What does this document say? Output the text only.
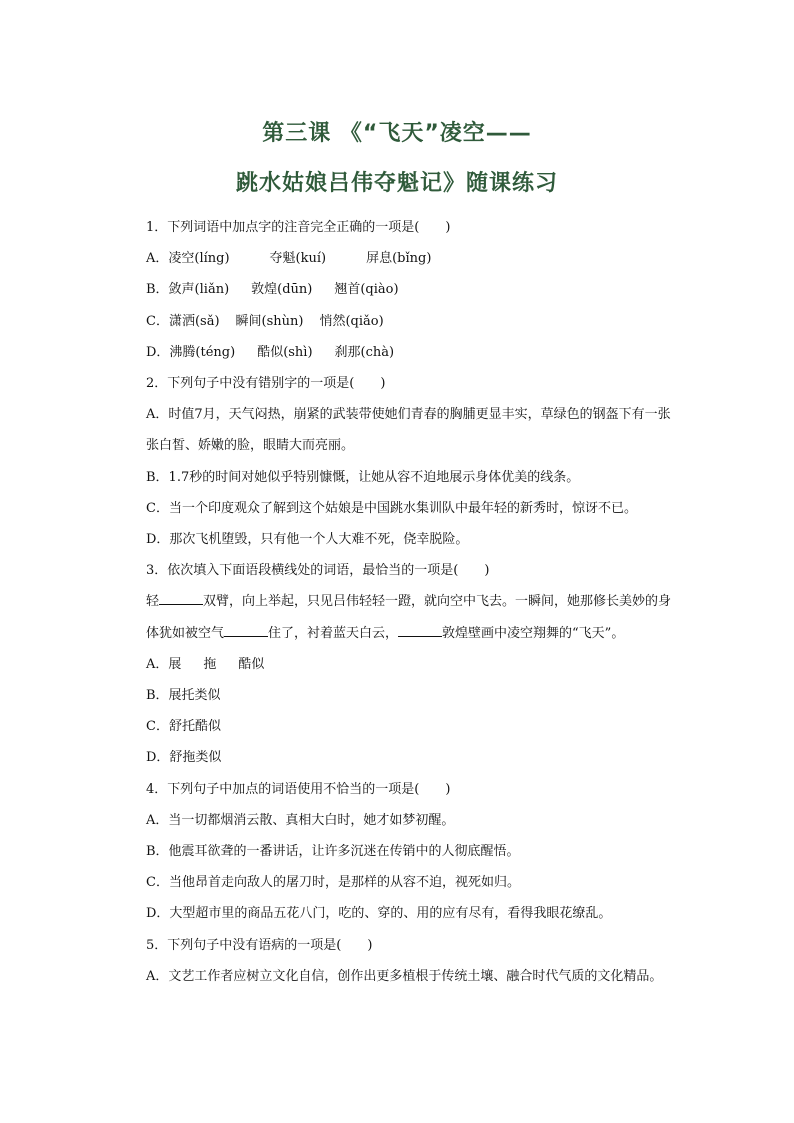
第三课 《“飞天”凌空——
跳水姑娘吕伟夺魁记》随课练习

1．下列词语中加点字的注音完全正确的一项是(　　)

A．凌空(líng)	夺魁(kuí)	屏息(bǐng)

B．敛声(liǎn) 敦煌(dūn) 翘首(qiào)

C．潇洒(sǎ) 瞬间(shùn) 悄然(qiǎo)

D．沸腾(téng) 酷似(shì) 刹那(chà)

2．下列句子中没有错别字的一项是(　　)

A．时值7月，天气闷热，崩紧的武装带使她们青春的胸脯更显丰实，草绿色的钢盔下有一张张白皙、娇嫩的脸，眼睛大而亮丽。

B．1.7秒的时间对她似乎特别慷慨，让她从容不迫地展示身体优美的线条。

C．当一个印度观众了解到这个姑娘是中国跳水集训队中最年轻的新秀时，惊讶不已。

D．那次飞机堕毁，只有他一个人大难不死，侥幸脱险。

3．依次填入下面语段横线处的词语，最恰当的一项是(　　)

轻	双臂，向上举起，只见吕伟轻轻一蹬，就向空中飞去。一瞬间，她那修长美妙的身体犹如被空气	住了，衬着蓝天白云，	敦煌壁画中凌空翔舞的“飞天”。

A．展 拖 酷似

B．展托类似

C．舒托酷似

D．舒拖类似

4．下列句子中加点的词语使用不恰当的一项是(　　)

A．当一切都烟消云散、真相大白时，她才如梦初醒。

B．他震耳欲聋的一番讲话，让许多沉迷在传销中的人彻底醒悟。

C．当他昂首走向敌人的屠刀时，是那样的从容不迫，视死如归。

D．大型超市里的商品五花八门，吃的、穿的、用的应有尽有，看得我眼花缭乱。

5．下列句子中没有语病的一项是(　　)

A．文艺工作者应树立文化自信，创作出更多植根于传统土壤、融合时代气质的文化精品。
